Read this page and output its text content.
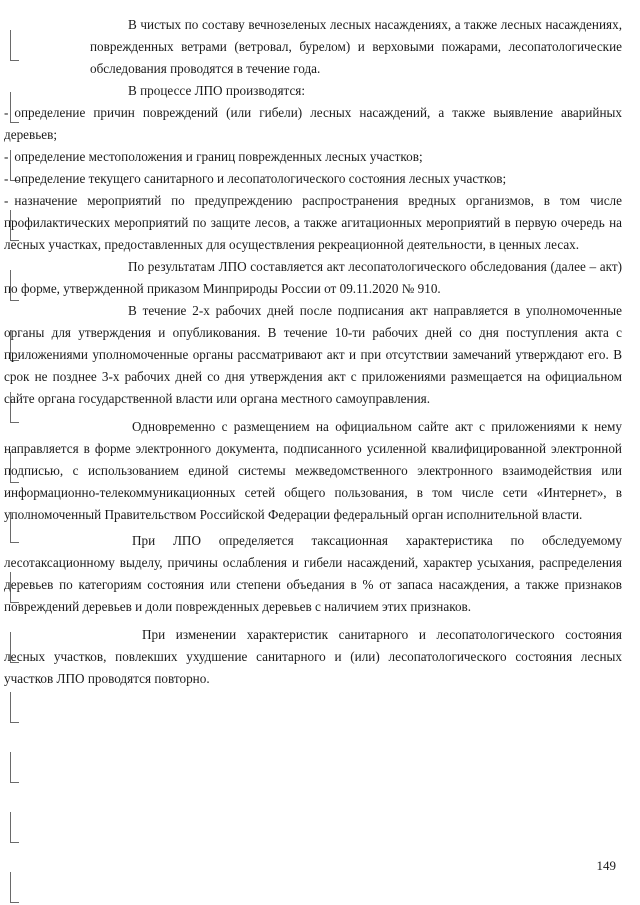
В чистых по составу вечнозеленых лесных насаждениях, а также лесных насаждениях, поврежденных ветрами (ветровал, бурелом) и верховыми пожарами, лесопатологические обследования проводятся в течение года.

В процессе ЛПО производятся:

- определение причин повреждений (или гибели) лесных насаждений, а также выявление аварийных деревьев;
- определение местоположения и границ поврежденных лесных участков;
- определение текущего санитарного и лесопатологического состояния лесных участков;
- назначение мероприятий по предупреждению распространения вредных организмов, в том числе профилактических мероприятий по защите лесов, а также агитационных мероприятий в первую очередь на лесных участках, предоставленных для осуществления рекреационной деятельности, в ценных лесах.

По результатам ЛПО составляется акт лесопатологического обследования (далее – акт) по форме, утвержденной приказом Минприроды России от 09.11.2020 № 910.

В течение 2-х рабочих дней после подписания акт направляется в уполномоченные органы для утверждения и опубликования. В течение 10-ти рабочих дней со дня поступления акта с приложениями уполномоченные органы рассматривают акт и при отсутствии замечаний утверждают его. В срок не позднее 3-х рабочих дней со дня утверждения акт с приложениями размещается на официальном сайте органа государственной власти или органа местного самоуправления.

Одновременно с размещением на официальном сайте акт с приложениями к нему направляется в форме электронного документа, подписанного усиленной квалифицированной электронной подписью, с использованием единой системы межведомственного электронного взаимодействия или информационно-телекоммуникационных сетей общего пользования, в том числе сети «Интернет», в уполномоченный Правительством Российской Федерации федеральный орган исполнительной власти.

При ЛПО определяется таксационная характеристика по обследуемому лесотаксационному выделу, причины ослабления и гибели насаждений, характер усыхания, распределения деревьев по категориям состояния или степени объедания в % от запаса насаждения, а также признаков повреждений деревьев и доли поврежденных деревьев с наличием этих признаков.

При изменении характеристик санитарного и лесопатологического состояния лесных участков, повлекших ухудшение санитарного и (или) лесопатологического состояния лесных участков ЛПО проводятся повторно.

149
